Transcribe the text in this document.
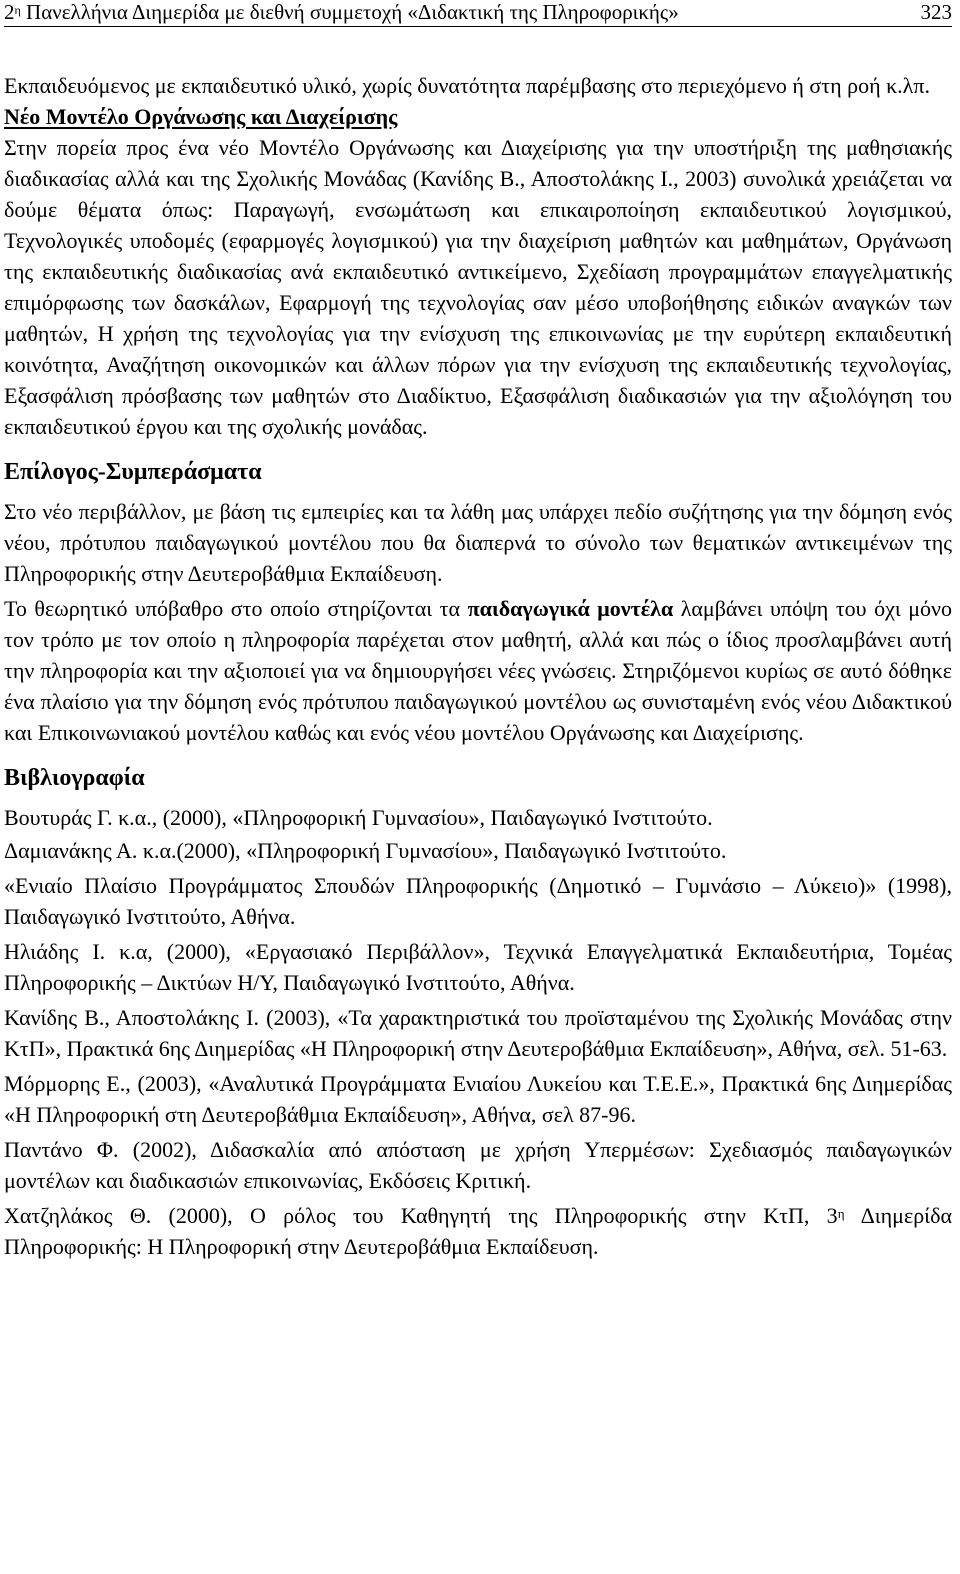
$2^\eta$ Πανελλήνια Διημερίδα με διεθνή συμμετοχή «Διδακτική της Πληροφορικής»	323

Εκπαιδευόμενος με εκπαιδευτικό υλικό, χωρίς δυνατότητα παρέμβασης στο περιεχόμενο ή στη ροή κ.λπ.

Νέο Μοντέλο Οργάνωσης και Διαχείρισης

Στην πορεία προς ένα νέο Μοντέλο Οργάνωσης και Διαχείρισης για την υποστήριξη της μαθησιακής διαδικασίας αλλά και της Σχολικής Μονάδας (Κανίδης Β., Αποστολάκης Ι., 2003) συνολικά χρειάζεται να δούμε θέματα όπως: Παραγωγή, ενσωμάτωση και επικαιροποίηση εκπαιδευτικού λογισμικού, Τεχνολογικές υποδομές (εφαρμογές λογισμικού) για την διαχείριση μαθητών και μαθημάτων, Οργάνωση της εκπαιδευτικής διαδικασίας ανά εκπαιδευτικό αντικείμενο, Σχεδίαση προγραμμάτων επαγγελματικής επιμόρφωσης των δασκάλων, Εφαρμογή της τεχνολογίας σαν μέσο υποβοήθησης ειδικών αναγκών των μαθητών, Η χρήση της τεχνολογίας για την ενίσχυση της επικοινωνίας με την ευρύτερη εκπαιδευτική κοινότητα, Αναζήτηση οικονομικών και άλλων πόρων για την ενίσχυση της εκπαιδευτικής τεχνολογίας, Εξασφάλιση πρόσβασης των μαθητών στο Διαδίκτυο, Εξασφάλιση διαδικασιών για την αξιολόγηση του εκπαιδευτικού έργου και της σχολικής μονάδας.

Επίλογος-Συμπεράσματα

Στο νέο περιβάλλον, με βάση τις εμπειρίες και τα λάθη μας υπάρχει πεδίο συζήτησης για την δόμηση ενός νέου, πρότυπου παιδαγωγικού μοντέλου που θα διαπερνά το σύνολο των θεματικών αντικειμένων της Πληροφορικής στην Δευτεροβάθμια Εκπαίδευση.

Το θεωρητικό υπόβαθρο στο οποίο στηρίζονται τα παιδαγωγικά μοντέλα λαμβάνει υπόψη του όχι μόνο τον τρόπο με τον οποίο η πληροφορία παρέχεται στον μαθητή, αλλά και πώς ο ίδιος προσλαμβάνει αυτή την πληροφορία και την αξιοποιεί για να δημιουργήσει νέες γνώσεις. Στηριζόμενοι κυρίως σε αυτό δόθηκε ένα πλαίσιο για την δόμηση ενός πρότυπου παιδαγωγικού μοντέλου ως συνισταμένη ενός νέου Διδακτικού και Επικοινωνιακού μοντέλου καθώς και ενός νέου μοντέλου Οργάνωσης και Διαχείρισης.

Βιβλιογραφία

Βουτυράς Γ. κ.α., (2000), «Πληροφορική Γυμνασίου», Παιδαγωγικό Ινστιτούτο.

Δαμιανάκης Α. κ.α.(2000), «Πληροφορική Γυμνασίου», Παιδαγωγικό Ινστιτούτο.

«Ενιαίο Πλαίσιο Προγράμματος Σπουδών Πληροφορικής (Δημοτικό – Γυμνάσιο – Λύκειο)» (1998), Παιδαγωγικό Ινστιτούτο, Αθήνα.

Ηλιάδης Ι. κ.α, (2000), «Εργασιακό Περιβάλλον», Τεχνικά Επαγγελματικά Εκπαιδευτήρια, Τομέας Πληροφορικής – Δικτύων Η/Υ, Παιδαγωγικό Ινστιτούτο, Αθήνα.

Κανίδης Β., Αποστολάκης Ι. (2003), «Τα χαρακτηριστικά του προϊσταμένου της Σχολικής Μονάδας στην ΚτΠ», Πρακτικά 6ης Διημερίδας «Η Πληροφορική στην Δευτεροβάθμια Εκπαίδευση», Αθήνα, σελ. 51-63.

Μόρμορης Ε., (2003), «Αναλυτικά Προγράμματα Ενιαίου Λυκείου και Τ.Ε.Ε.», Πρακτικά 6ης Διημερίδας «Η Πληροφορική στη Δευτεροβάθμια Εκπαίδευση», Αθήνα, σελ 87-96.

Παντάνο Φ. (2002), Διδασκαλία από απόσταση με χρήση Υπερμέσων: Σχεδιασμός παιδαγωγικών μοντέλων και διαδικασιών επικοινωνίας, Εκδόσεις Κριτική.

Χατζηλάκος Θ. (2000), Ο ρόλος του Καθηγητή της Πληροφορικής στην ΚτΠ, $3^\eta$ Διημερίδα Πληροφορικής: Η Πληροφορική στην Δευτεροβάθμια Εκπαίδευση.
